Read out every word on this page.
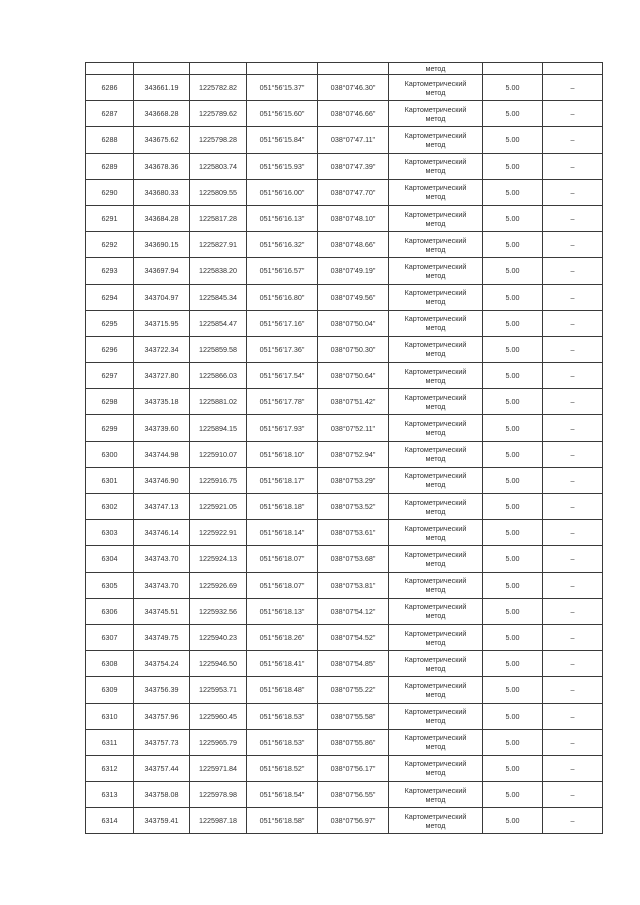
					метод		
6286	343661.19	1225782.82	051°56'15.37"	038°07'46.30"	Картометрический
метод	5.00	–
6287	343668.28	1225789.62	051°56'15.60"	038°07'46.66"	Картометрический
метод	5.00	–
6288	343675.62	1225798.28	051°56'15.84"	038°07'47.11"	Картометрический
метод	5.00	–
6289	343678.36	1225803.74	051°56'15.93"	038°07'47.39"	Картометрический
метод	5.00	–
6290	343680.33	1225809.55	051°56'16.00"	038°07'47.70"	Картометрический
метод	5.00	–
6291	343684.28	1225817.28	051°56'16.13"	038°07'48.10"	Картометрический
метод	5.00	–
6292	343690.15	1225827.91	051°56'16.32"	038°07'48.66"	Картометрический
метод	5.00	–
6293	343697.94	1225838.20	051°56'16.57"	038°07'49.19"	Картометрический
метод	5.00	–
6294	343704.97	1225845.34	051°56'16.80"	038°07'49.56"	Картометрический
метод	5.00	–
6295	343715.95	1225854.47	051°56'17.16"	038°07'50.04"	Картометрический
метод	5.00	–
6296	343722.34	1225859.58	051°56'17.36"	038°07'50.30"	Картометрический
метод	5.00	–
6297	343727.80	1225866.03	051°56'17.54"	038°07'50.64"	Картометрический
метод	5.00	–
6298	343735.18	1225881.02	051°56'17.78"	038°07'51.42"	Картометрический
метод	5.00	–
6299	343739.60	1225894.15	051°56'17.93"	038°07'52.11"	Картометрический
метод	5.00	–
6300	343744.98	1225910.07	051°56'18.10"	038°07'52.94"	Картометрический
метод	5.00	–
6301	343746.90	1225916.75	051°56'18.17"	038°07'53.29"	Картометрический
метод	5.00	–
6302	343747.13	1225921.05	051°56'18.18"	038°07'53.52"	Картометрический
метод	5.00	–
6303	343746.14	1225922.91	051°56'18.14"	038°07'53.61"	Картометрический
метод	5.00	–
6304	343743.70	1225924.13	051°56'18.07"	038°07'53.68"	Картометрический
метод	5.00	–
6305	343743.70	1225926.69	051°56'18.07"	038°07'53.81"	Картометрический
метод	5.00	–
6306	343745.51	1225932.56	051°56'18.13"	038°07'54.12"	Картометрический
метод	5.00	–
6307	343749.75	1225940.23	051°56'18.26"	038°07'54.52"	Картометрический
метод	5.00	–
6308	343754.24	1225946.50	051°56'18.41"	038°07'54.85"	Картометрический
метод	5.00	–
6309	343756.39	1225953.71	051°56'18.48"	038°07'55.22"	Картометрический
метод	5.00	–
6310	343757.96	1225960.45	051°56'18.53"	038°07'55.58"	Картометрический
метод	5.00	–
6311	343757.73	1225965.79	051°56'18.53"	038°07'55.86"	Картометрический
метод	5.00	–
6312	343757.44	1225971.84	051°56'18.52"	038°07'56.17"	Картометрический
метод	5.00	–
6313	343758.08	1225978.98	051°56'18.54"	038°07'56.55"	Картометрический
метод	5.00	–
6314	343759.41	1225987.18	051°56'18.58"	038°07'56.97"	Картометрический
метод	5.00	–
